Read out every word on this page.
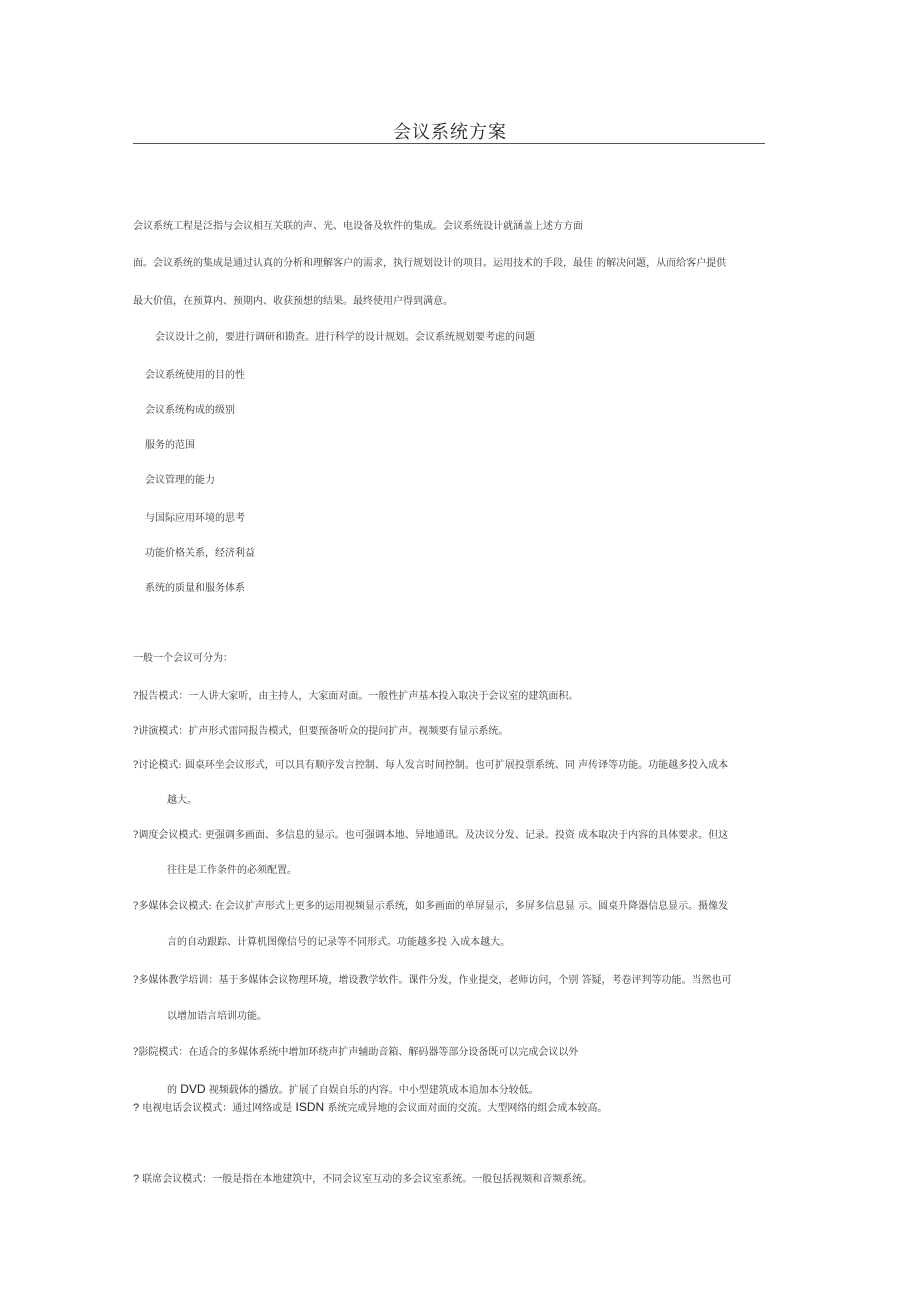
会议系统方案
会议系统工程是泛指与会议相互关联的声、光、电设备及软件的集成。会议系统设计就涵盖上述方方面
面。会议系统的集成是通过认真的分析和理解客户的需求，执行规划设计的项目。运用技术的手段，最佳 的解决问题，从而给客户提供
最大价值，在预算内、预期内、收获预想的结果。最终使用户得到满意。
会议设计之前，要进行调研和勘查。进行科学的设计规划。会议系统规划要考虑的问题
会议系统使用的目的性
会议系统构成的级别
服务的范围
会议管理的能力
与国际应用环境的思考
功能价格关系，经济利益
系统的质量和服务体系
一般一个会议可分为：
?报告模式：一人讲大家听，由主持人，大家面对面。一般性扩声基本投入取决于会议室的建筑面积。
?讲演模式：扩声形式雷同报告模式，但要预备听众的提问扩声。视频要有显示系统。
?讨论模式: 圆桌环坐会议形式，可以具有顺序发言控制、每人发言时间控制。也可扩展投票系统、同 声传译等功能。功能越多投入成本
越大。
?调度会议模式: 更强调多画面、多信息的显示。也可强调本地、异地通讯。及决议分发、记录。投资 成本取决于内容的具体要求。但这
往往是工作条件的必须配置。
?多媒体会议模式: 在会议扩声形式上更多的运用视频显示系统，如多画面的单屏显示，多屏多信息显 示。圆桌升降器信息显示。摄像发
言的自动跟踪、计算机图像信号的记录等不同形式。功能越多投 入成本越大。
?多媒体教学培训：基于多媒体会议物理环境，增设教学软件。课件分发，作业提交，老师访问，个别 答疑，考卷评判等功能。当然也可
以增加语言培训功能。
?影院模式：在适合的多媒体系统中增加环绕声扩声辅助音箱、解码器等部分设备既可以完成会议以外
的 DVD 视频载体的播放。扩展了自娱自乐的内容。中小型建筑成本追加本分较低。
? 电视电话会议模式：通过网络或是 ISDN 系统完成异地的会议面对面的交流。大型网络的组会成本较高。
? 联席会议模式：一般是指在本地建筑中，不同会议室互动的多会议室系统。一般包括视频和音频系统。
